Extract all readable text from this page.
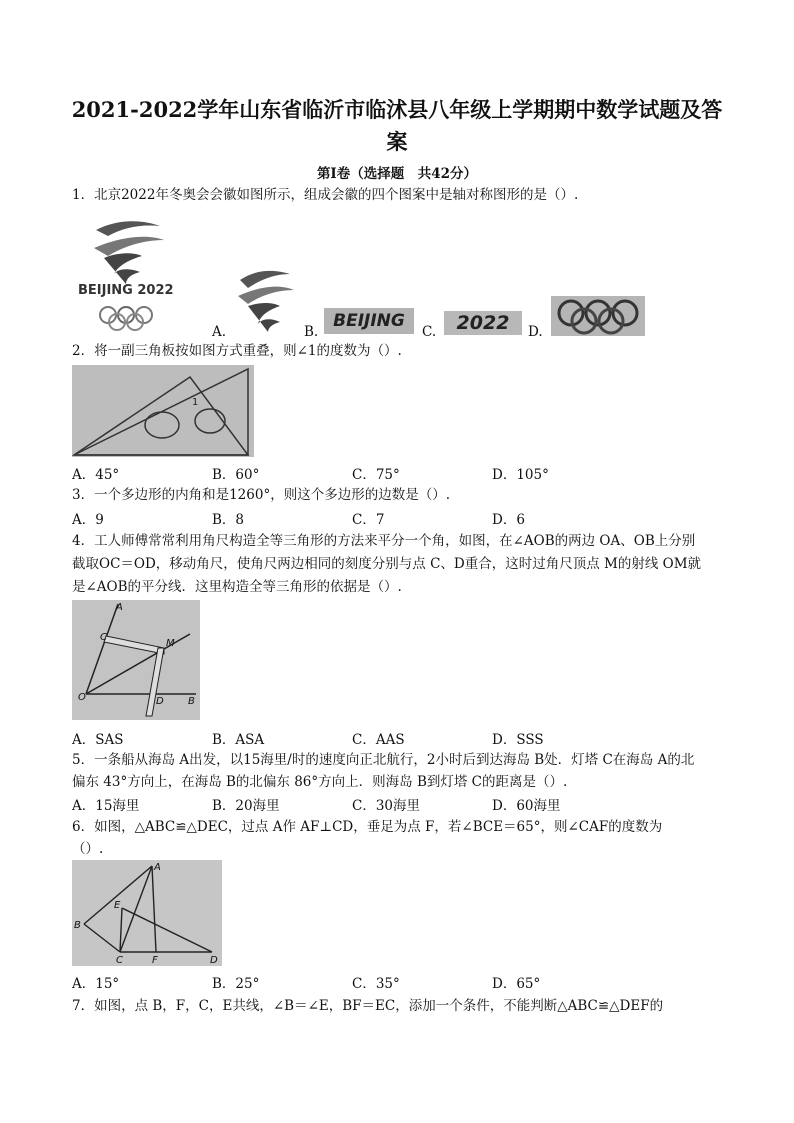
2021-2022学年山东省临沂市临沭县八年级上学期期中数学试题及答
案
第Ⅰ卷（选择题　共42分）
1．北京2022年冬奥会会徽如图所示，组成会徽的四个图案中是轴对称图形的是（）.
BEIJING 2022
A.	B.
BEIJING
C.	2022	D.
2．将一副三角板按如图方式重叠，则∠1的度数为（）.
1
A．45°	B．60°	C．75°	D．105°
3．一个多边形的内角和是1260°，则这个多边形的边数是（）.
A．9	B．8	C．7	D．6
4．工人师傅常常利用角尺构造全等三角形的方法来平分一个角，如图，在∠AOB的两边 OA、OB上分别
截取OC＝OD，移动角尺，使角尺两边相同的刻度分别与点 C、D重合，这时过角尺顶点 M的射线 OM就
是∠AOB的平分线．这里构造全等三角形的依据是（）.
A
C
M
O	D B
A．SAS	B．ASA	C．AAS	D．SSS
5．一条船从海岛 A出发，以15海里/时的速度向正北航行，2小时后到达海岛 B处．灯塔 C在海岛 A的北
偏东 43°方向上，在海岛 B的北偏东 86°方向上．则海岛 B到灯塔 C的距离是（）.
A．15海里	B．20海里	C．30海里	D．60海里
6．如图，△ABC≌△DEC，过点 A作 AF⊥CD，垂足为点 F，若∠BCE＝65°，则∠CAF的度数为
（）.
A
E
B
C	F	D
A．15°	B．25°	C．35°	D．65°
7．如图，点 B，F，C，E共线，∠B＝∠E，BF＝EC，添加一个条件，不能判断△ABC≌△DEF的
